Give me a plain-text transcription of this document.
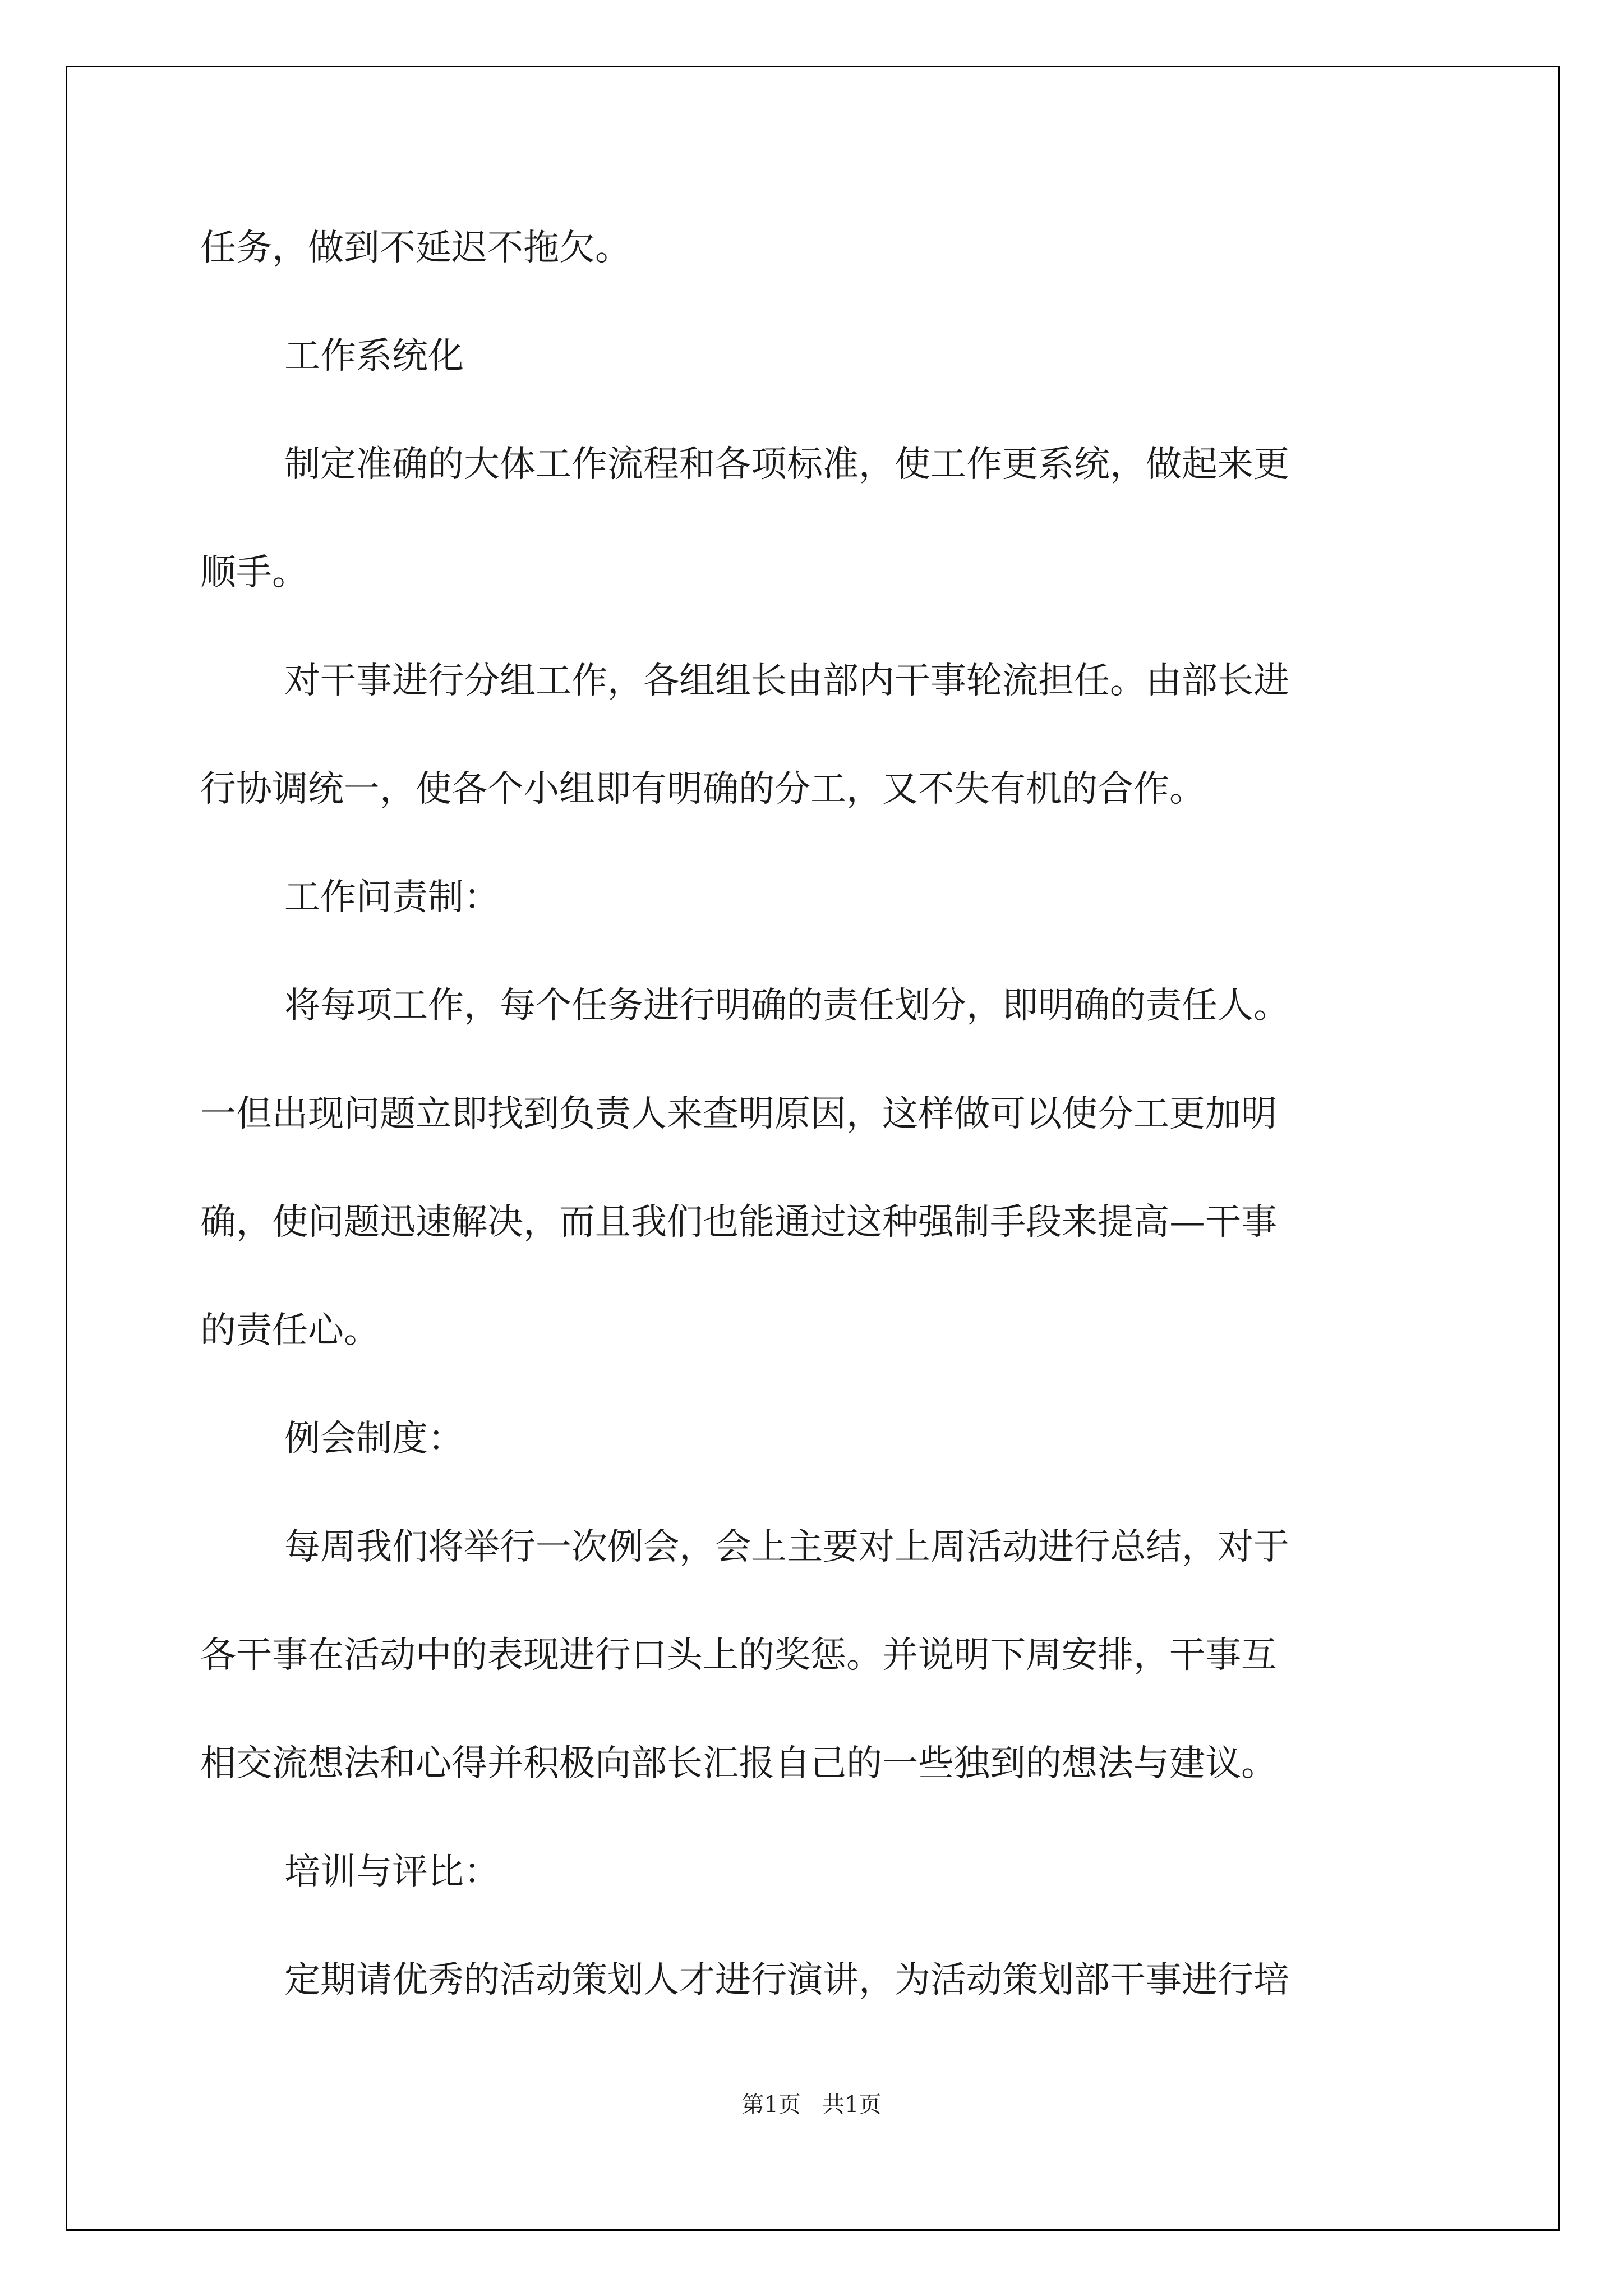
任务，做到不延迟不拖欠。
工作系统化
制定准确的大体工作流程和各项标准，使工作更系统，做起来更
顺手。
对干事进行分组工作，各组组长由部内干事轮流担任。由部长进
行协调统一，使各个小组即有明确的分工，又不失有机的合作。
工作问责制：
将每项工作，每个任务进行明确的责任划分，即明确的责任人。
一但出现问题立即找到负责人来查明原因，这样做可以使分工更加明
确，使问题迅速解决，而且我们也能通过这种强制手段来提高—干事
的责任心。
例会制度：
每周我们将举行一次例会，会上主要对上周活动进行总结，对于
各干事在活动中的表现进行口头上的奖惩。并说明下周安排，干事互
相交流想法和心得并积极向部长汇报自己的一些独到的想法与建议。
培训与评比：
定期请优秀的活动策划人才进行演讲，为活动策划部干事进行培
第1页   共1页
